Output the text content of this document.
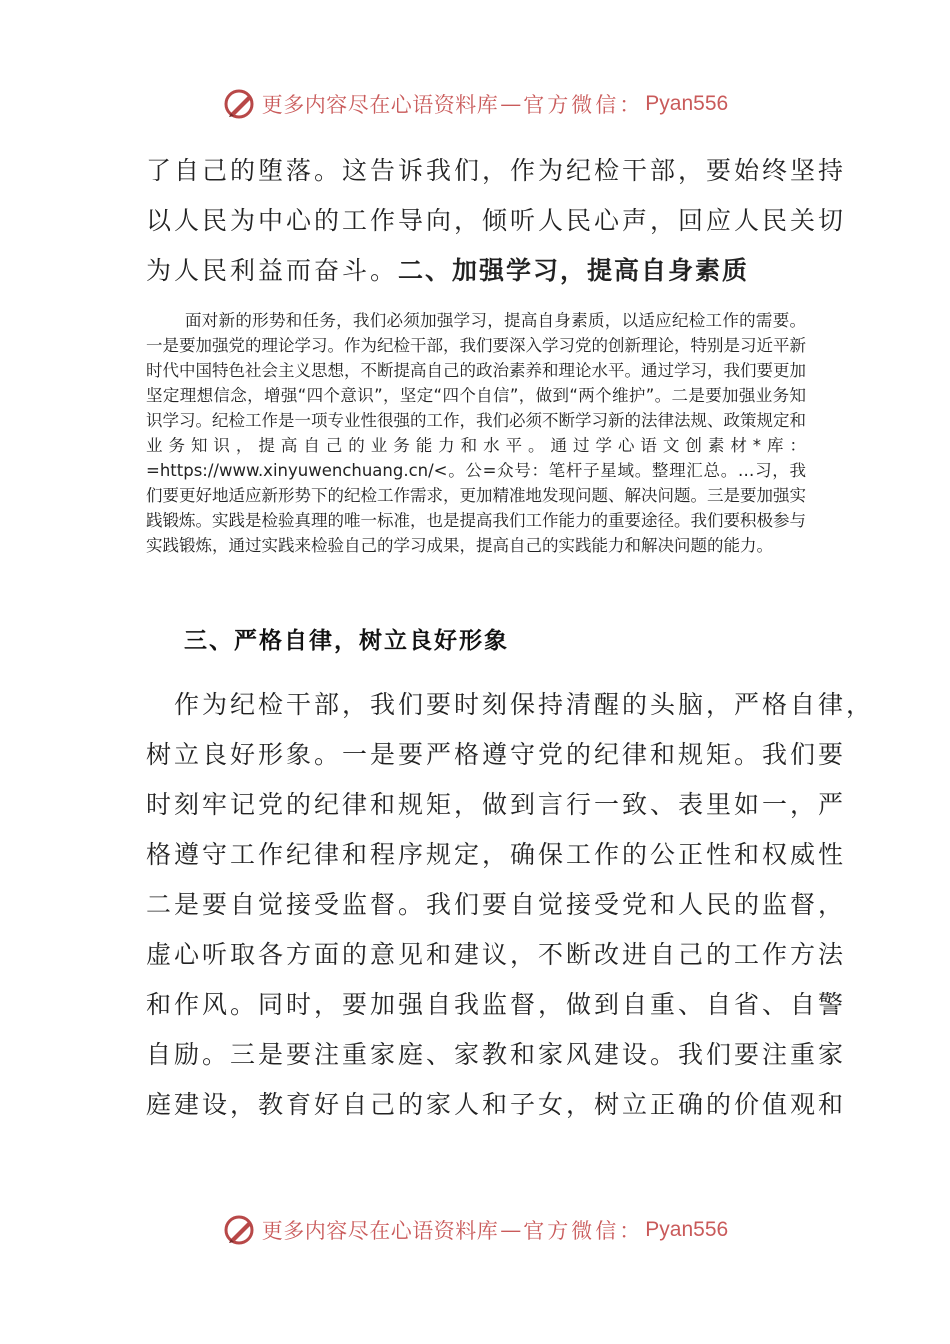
更多内容尽在心语资料库 — 官方微信： Pyan556
了自己的堕落。这告诉我们，作为纪检干部，要始终坚持
以人民为中心的工作导向，倾听人民心声，回应人民关切
为人民利益而奋斗。二、加强学习，提高自身素质

面对新的形势和任务，我们必须加强学习，提高自身素质，以适应纪检工作的需要。一是要加强党的理论学习。作为纪检干部，我们要深入学习党的创新理论，特别是习近平新时代中国特色社会主义思想，不断提高自己的政治素养和理论水平。通过学习，我们要更加坚定理想信念，增强“四个意识”，坚定“四个自信”，做到“两个维护”。二是要加强业务知识学习。纪检工作是一项专业性很强的工作，我们必须不断学习新的法律法规、政策规定和业务知识，提高自己的业务能力和水平。通过学心语文创素材*库：=https://www.xinyuwenchuang.cn/<。公=众号：笔杆子星域。整理汇总。…习，我们要更好地适应新形势下的纪检工作需求，更加精准地发现问题、解决问题。三是要加强实践锻炼。实践是检验真理的唯一标准，也是提高我们工作能力的重要途径。我们要积极参与实践锻炼，通过实践来检验自己的学习成果，提高自己的实践能力和解决问题的能力。

三、严格自律，树立良好形象
　作为纪检干部，我们要时刻保持清醒的头脑，严格自律，
树立良好形象。一是要严格遵守党的纪律和规矩。我们要
时刻牢记党的纪律和规矩，做到言行一致、表里如一，严
格遵守工作纪律和程序规定，确保工作的公正性和权威性
二是要自觉接受监督。我们要自觉接受党和人民的监督，
虚心听取各方面的意见和建议，不断改进自己的工作方法
和作风。同时，要加强自我监督，做到自重、自省、自警
自励。三是要注重家庭、家教和家风建设。我们要注重家
庭建设，教育好自己的家人和子女，树立正确的价值观和
更多内容尽在心语资料库 — 官方微信： Pyan556
